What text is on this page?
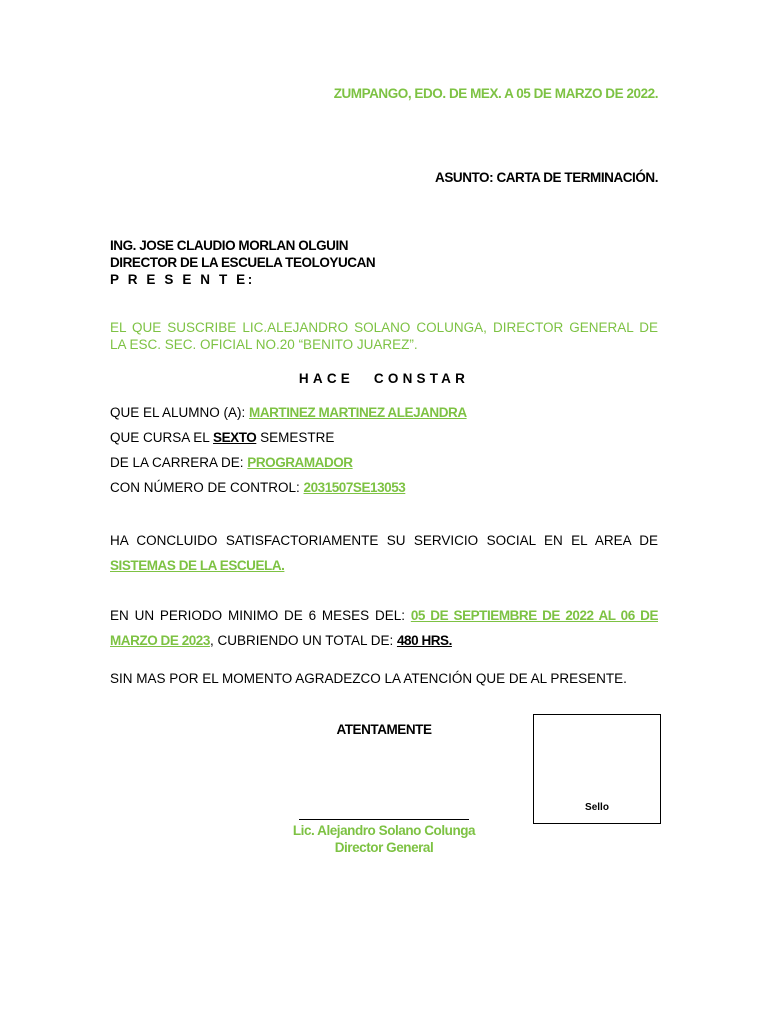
ZUMPANGO, EDO. DE MEX. A 05 DE MARZO DE 2022.
ASUNTO: CARTA DE TERMINACIÓN.
ING. JOSE CLAUDIO MORLAN OLGUIN
DIRECTOR DE LA ESCUELA TEOLOYUCAN
P R E S E N T E:
EL QUE SUSCRIBE LIC.ALEJANDRO SOLANO COLUNGA, DIRECTOR GENERAL DE LA ESC. SEC. OFICIAL NO.20 “BENITO JUAREZ”.
HACE CONSTAR
QUE EL ALUMNO (A): MARTINEZ MARTINEZ ALEJANDRA
QUE CURSA EL SEXTO SEMESTRE
DE LA CARRERA DE: PROGRAMADOR
CON NÚMERO DE CONTROL: 2031507SE13053
HA CONCLUIDO SATISFACTORIAMENTE SU SERVICIO SOCIAL EN EL AREA DE SISTEMAS DE LA ESCUELA.
EN UN PERIODO MINIMO DE 6 MESES DEL: 05 DE SEPTIEMBRE DE 2022 AL 06 DE MARZO DE 2023, CUBRIENDO UN TOTAL DE: 480 HRS.
SIN MAS POR EL MOMENTO AGRADEZCO LA ATENCIÓN QUE DE AL PRESENTE.
ATENTAMENTE
Lic. Alejandro Solano Colunga
Director General
Sello
